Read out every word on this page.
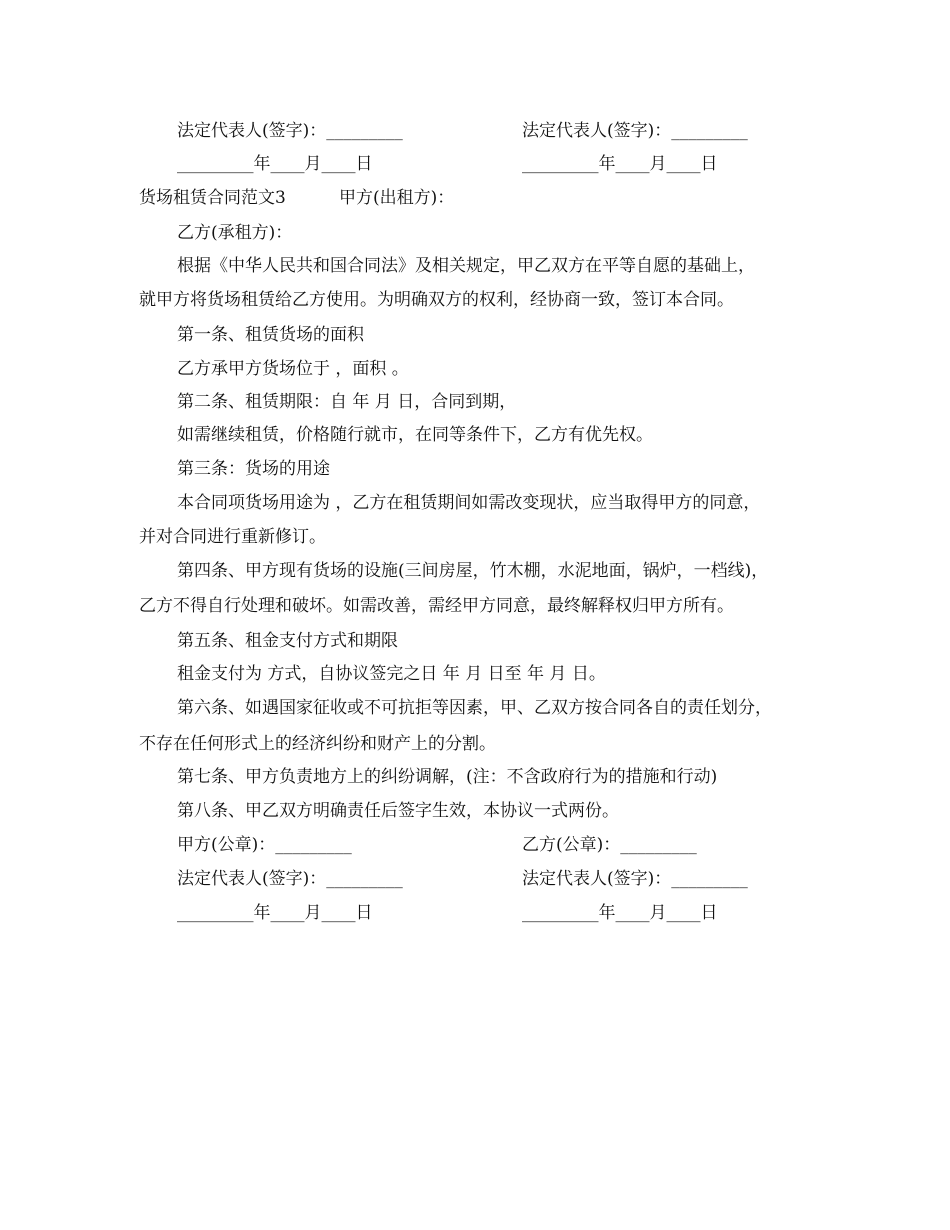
法定代表人(签字)：_________	法定代表人(签字)：_________
_________年____月____日	_________年____月____日
货场租赁合同范文3	甲方(出租方)：
乙方(承租方)：
根据《中华人民共和国合同法》及相关规定，甲乙双方在平等自愿的基础上，
就甲方将货场租赁给乙方使用。为明确双方的权利，经协商一致，签订本合同。
第一条、租赁货场的面积
乙方承甲方货场位于 ，面积 。
第二条、租赁期限：自 年 月 日，合同到期，
如需继续租赁，价格随行就市，在同等条件下，乙方有优先权。
第三条：货场的用途
本合同项货场用途为 ，乙方在租赁期间如需改变现状，应当取得甲方的同意，
并对合同进行重新修订。
第四条、甲方现有货场的设施(三间房屋，竹木棚，水泥地面，锅炉，一档线)，
乙方不得自行处理和破坏。如需改善，需经甲方同意，最终解释权归甲方所有。
第五条、租金支付方式和期限
租金支付为 方式，自协议签完之日 年 月 日至 年 月 日。
第六条、如遇国家征收或不可抗拒等因素，甲、乙双方按合同各自的责任划分，
不存在任何形式上的经济纠纷和财产上的分割。
第七条、甲方负责地方上的纠纷调解，(注：不含政府行为的措施和行动)
第八条、甲乙双方明确责任后签字生效，本协议一式两份。
甲方(公章)：_________	乙方(公章)：_________
法定代表人(签字)：_________	法定代表人(签字)：_________
_________年____月____日	_________年____月____日
